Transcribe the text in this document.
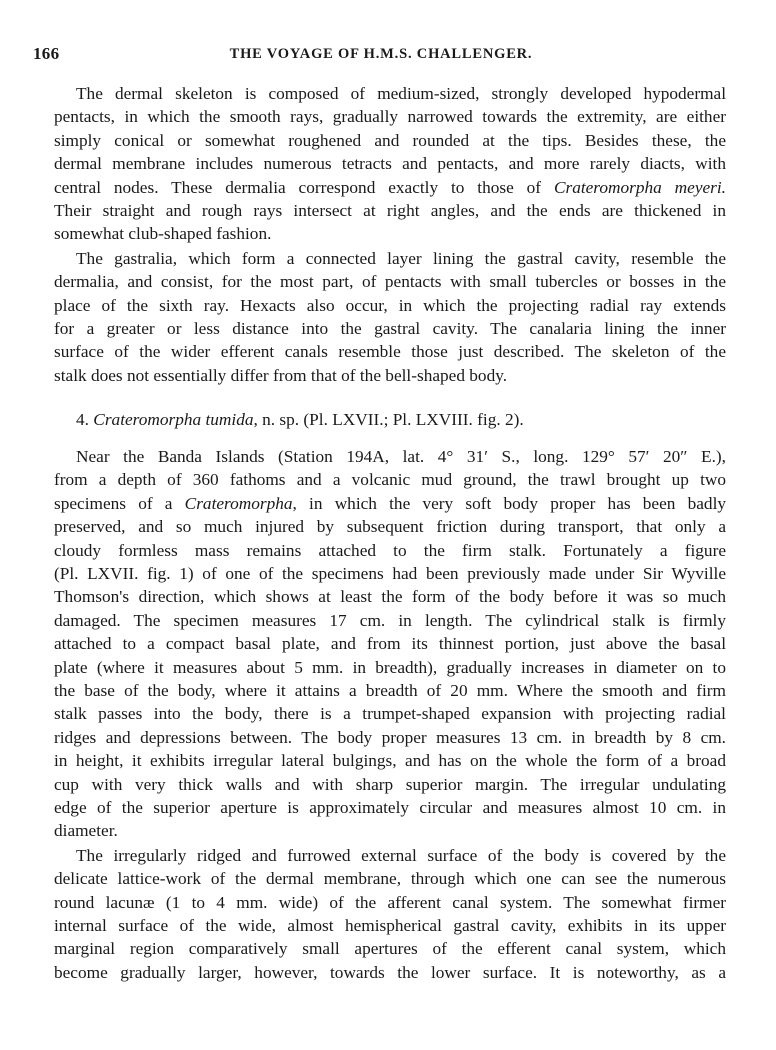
166	THE VOYAGE OF H.M.S. CHALLENGER.
The dermal skeleton is composed of medium-sized, strongly developed hypodermal
pentacts, in which the smooth rays, gradually narrowed towards the extremity, are either
simply conical or somewhat roughened and rounded at the tips. Besides these, the
dermal membrane includes numerous tetracts and pentacts, and more rarely diacts, with
central nodes. These dermalia correspond exactly to those of Crateromorpha meyeri.
Their straight and rough rays intersect at right angles, and the ends are thickened in
somewhat club-shaped fashion.
The gastralia, which form a connected layer lining the gastral cavity, resemble the
dermalia, and consist, for the most part, of pentacts with small tubercles or bosses in the
place of the sixth ray. Hexacts also occur, in which the projecting radial ray extends
for a greater or less distance into the gastral cavity. The canalaria lining the inner
surface of the wider efferent canals resemble those just described. The skeleton of the
stalk does not essentially differ from that of the bell-shaped body.
4. Crateromorpha tumida, n. sp. (Pl. LXVII.; Pl. LXVIII. fig. 2).
Near the Banda Islands (Station 194A, lat. 4° 31′ S., long. 129° 57′ 20″ E.),
from a depth of 360 fathoms and a volcanic mud ground, the trawl brought up two
specimens of a Crateromorpha, in which the very soft body proper has been badly
preserved, and so much injured by subsequent friction during transport, that only a
cloudy formless mass remains attached to the firm stalk. Fortunately a figure
(Pl. LXVII. fig. 1) of one of the specimens had been previously made under Sir Wyville
Thomson's direction, which shows at least the form of the body before it was so much
damaged. The specimen measures 17 cm. in length. The cylindrical stalk is firmly
attached to a compact basal plate, and from its thinnest portion, just above the basal
plate (where it measures about 5 mm. in breadth), gradually increases in diameter on to
the base of the body, where it attains a breadth of 20 mm. Where the smooth and firm
stalk passes into the body, there is a trumpet-shaped expansion with projecting radial
ridges and depressions between. The body proper measures 13 cm. in breadth by 8 cm.
in height, it exhibits irregular lateral bulgings, and has on the whole the form of a broad
cup with very thick walls and with sharp superior margin. The irregular undulating
edge of the superior aperture is approximately circular and measures almost 10 cm. in
diameter.
The irregularly ridged and furrowed external surface of the body is covered by the
delicate lattice-work of the dermal membrane, through which one can see the numerous
round lacunæ (1 to 4 mm. wide) of the afferent canal system. The somewhat firmer
internal surface of the wide, almost hemispherical gastral cavity, exhibits in its upper
marginal region comparatively small apertures of the efferent canal system, which
become gradually larger, however, towards the lower surface. It is noteworthy, as a
